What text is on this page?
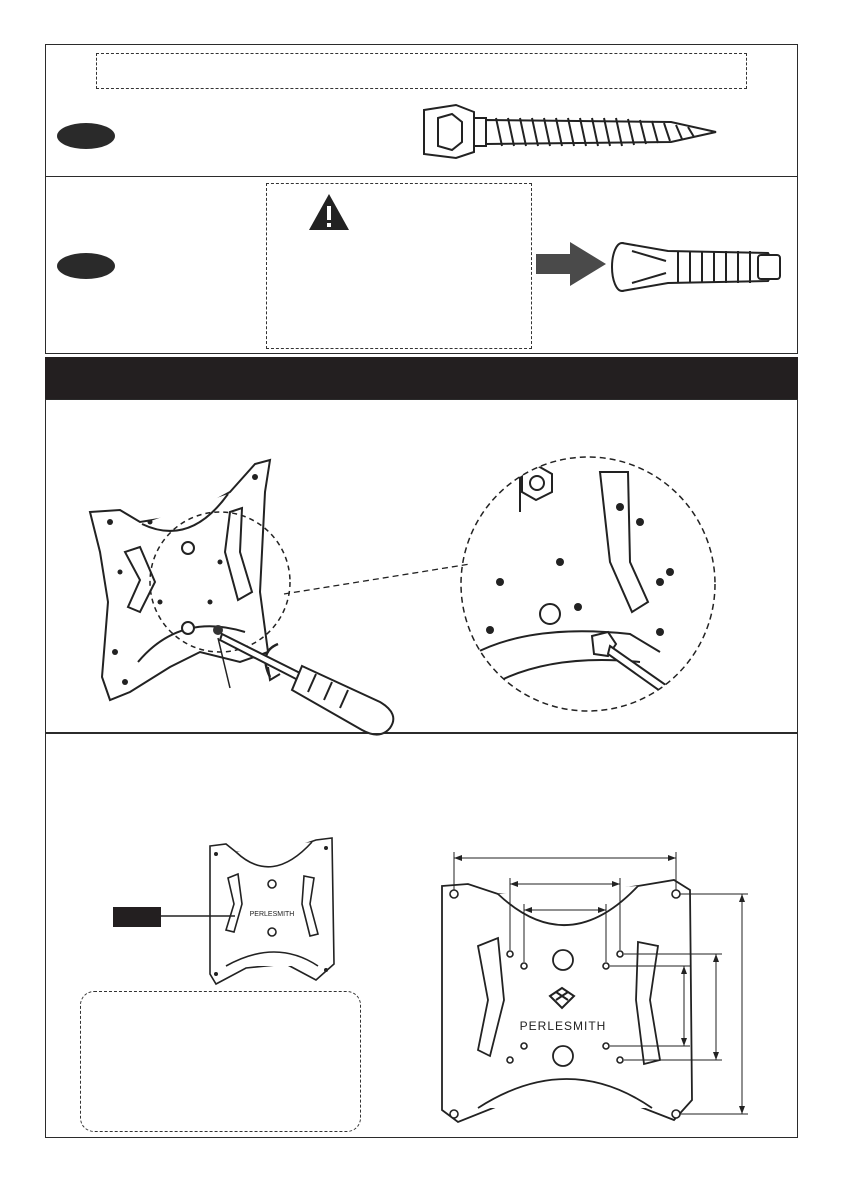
PERLESMITH
PERLESMITH
